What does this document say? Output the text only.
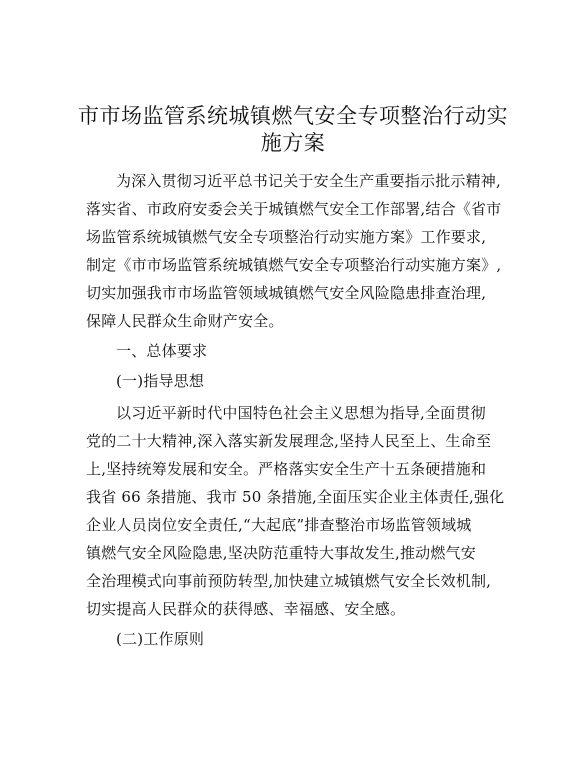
市市场监管系统城镇燃气安全专项整治行动实
施方案
为深入贯彻习近平总书记关于安全生产重要指示批示精神,
落实省、市政府安委会关于城镇燃气安全工作部署,结合《省市
场监管系统城镇燃气安全专项整治行动实施方案》工作要求,
制定《市市场监管系统城镇燃气安全专项整治行动实施方案》,
切实加强我市市场监管领域城镇燃气安全风险隐患排查治理,
保障人民群众生命财产安全。
一、总体要求
(一)指导思想
以习近平新时代中国特色社会主义思想为指导,全面贯彻
党的二十大精神,深入落实新发展理念,坚持人民至上、生命至
上,坚持统筹发展和安全。严格落实安全生产十五条硬措施和
我省 66 条措施、我市 50 条措施,全面压实企业主体责任,强化
企业人员岗位安全责任,“大起底”排查整治市场监管领域城
镇燃气安全风险隐患,坚决防范重特大事故发生,推动燃气安
全治理模式向事前预防转型,加快建立城镇燃气安全长效机制,
切实提高人民群众的获得感、幸福感、安全感。
(二)工作原则
